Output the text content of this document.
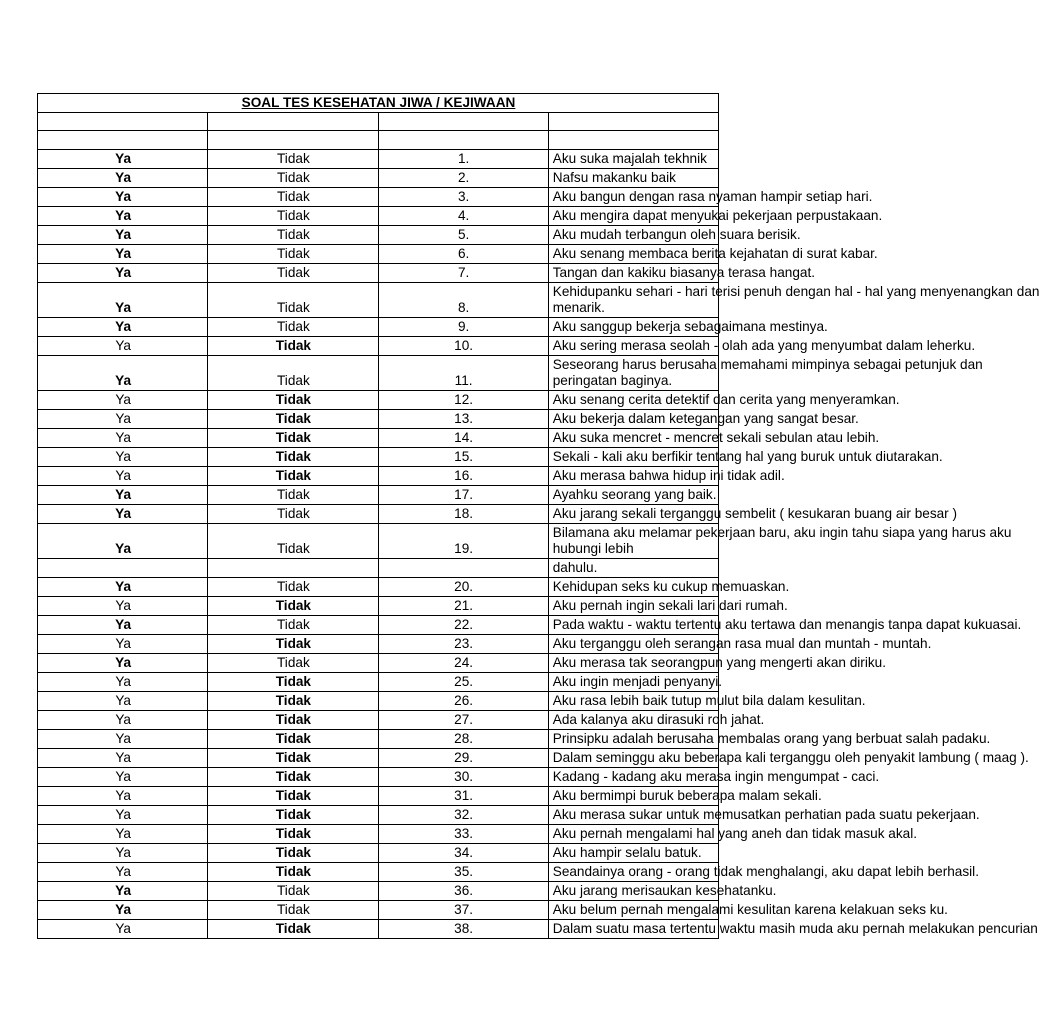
SOAL TES KESEHATAN JIWA / KEJIWAAN			

Ya	Tidak	1.	Aku suka majalah tekhnik

Ya	Tidak	2.	Nafsu makanku baik

Ya	Tidak	3.	Aku bangun dengan rasa nyaman hampir setiap hari.

Ya	Tidak	4.	Aku mengira dapat menyukai pekerjaan perpustakaan.

Ya	Tidak	5.	Aku mudah terbangun oleh suara berisik.

Ya	Tidak	6.	Aku senang membaca berita kejahatan di surat kabar.

Ya	Tidak	7.	Tangan dan kakiku biasanya terasa hangat.

Ya	Tidak	8.	Kehidupanku sehari - hari terisi penuh dengan hal - hal yang menyenangkan dan
menarik.

Ya	Tidak	9.	Aku sanggup bekerja sebagaimana mestinya.

Ya	Tidak	10.	Aku sering merasa seolah - olah ada yang menyumbat dalam leherku.

Ya	Tidak	11.	Seseorang harus berusaha memahami mimpinya sebagai petunjuk dan
peringatan baginya.

Ya	Tidak	12.	Aku senang cerita detektif dan cerita yang menyeramkan.

Ya	Tidak	13.	Aku bekerja dalam ketegangan yang sangat besar.

Ya	Tidak	14.	Aku suka mencret - mencret sekali sebulan atau lebih.

Ya	Tidak	15.	Sekali - kali aku berfikir tentang hal yang buruk untuk diutarakan.

Ya	Tidak	16.	Aku merasa bahwa hidup ini tidak adil.

Ya	Tidak	17.	Ayahku seorang yang baik.

Ya	Tidak	18.	Aku jarang sekali terganggu sembelit ( kesukaran buang air besar )

Ya	Tidak	19.	Bilamana aku melamar pekerjaan baru, aku ingin tahu siapa yang harus aku
hubungi lebih

			dahulu.

Ya	Tidak	20.	Kehidupan seks ku cukup memuaskan.

Ya	Tidak	21.	Aku pernah ingin sekali lari dari rumah.

Ya	Tidak	22.	Pada waktu - waktu tertentu aku tertawa dan menangis tanpa dapat kukuasai.

Ya	Tidak	23.	Aku terganggu oleh serangan rasa mual dan muntah - muntah.

Ya	Tidak	24.	Aku merasa tak seorangpun yang mengerti akan diriku.

Ya	Tidak	25.	Aku ingin menjadi penyanyi.

Ya	Tidak	26.	Aku rasa lebih baik tutup mulut bila dalam kesulitan.

Ya	Tidak	27.	Ada kalanya aku dirasuki roh jahat.

Ya	Tidak	28.	Prinsipku adalah berusaha membalas orang yang berbuat salah padaku.

Ya	Tidak	29.	Dalam seminggu aku beberapa kali terganggu oleh penyakit lambung ( maag ).

Ya	Tidak	30.	Kadang - kadang aku merasa ingin mengumpat - caci.

Ya	Tidak	31.	Aku bermimpi buruk beberapa malam sekali.

Ya	Tidak	32.	Aku merasa sukar untuk memusatkan perhatian pada suatu pekerjaan.

Ya	Tidak	33.	Aku pernah mengalami hal yang aneh dan tidak masuk akal.

Ya	Tidak	34.	Aku hampir selalu batuk.

Ya	Tidak	35.	Seandainya orang - orang tidak menghalangi, aku dapat lebih berhasil.

Ya	Tidak	36.	Aku jarang merisaukan kesehatanku.

Ya	Tidak	37.	Aku belum pernah mengalami kesulitan karena kelakuan seks ku.

Ya	Tidak	38.	Dalam suatu masa tertentu waktu masih muda aku pernah melakukan pencurian
